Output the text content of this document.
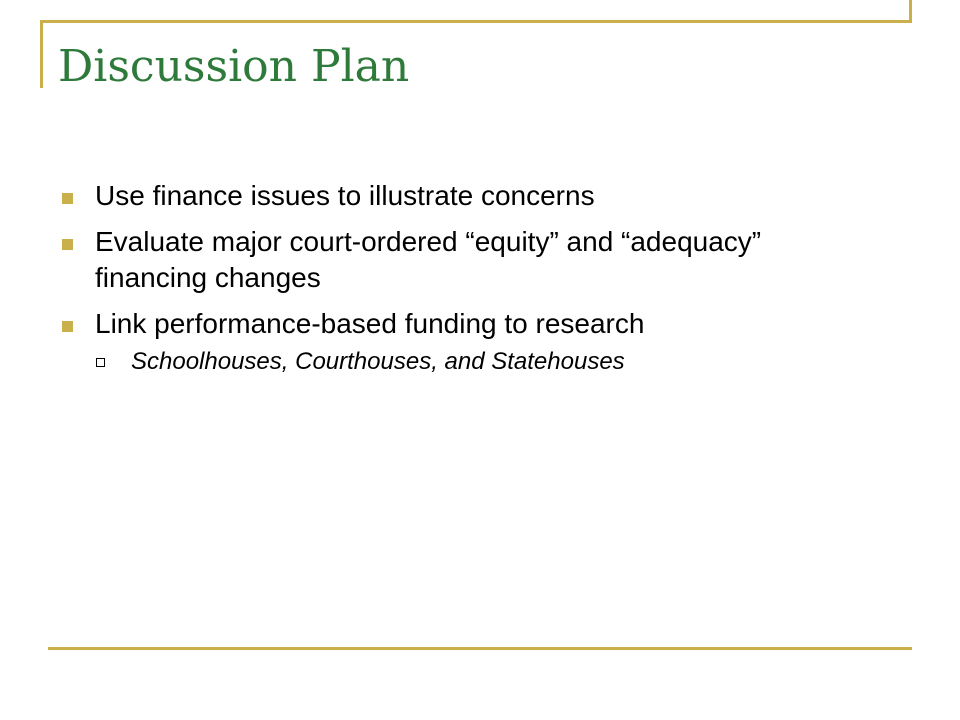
Discussion Plan
Use finance issues to illustrate concerns
Evaluate major court-ordered “equity” and “adequacy” financing changes
Link performance-based funding to research
Schoolhouses, Courthouses, and Statehouses
